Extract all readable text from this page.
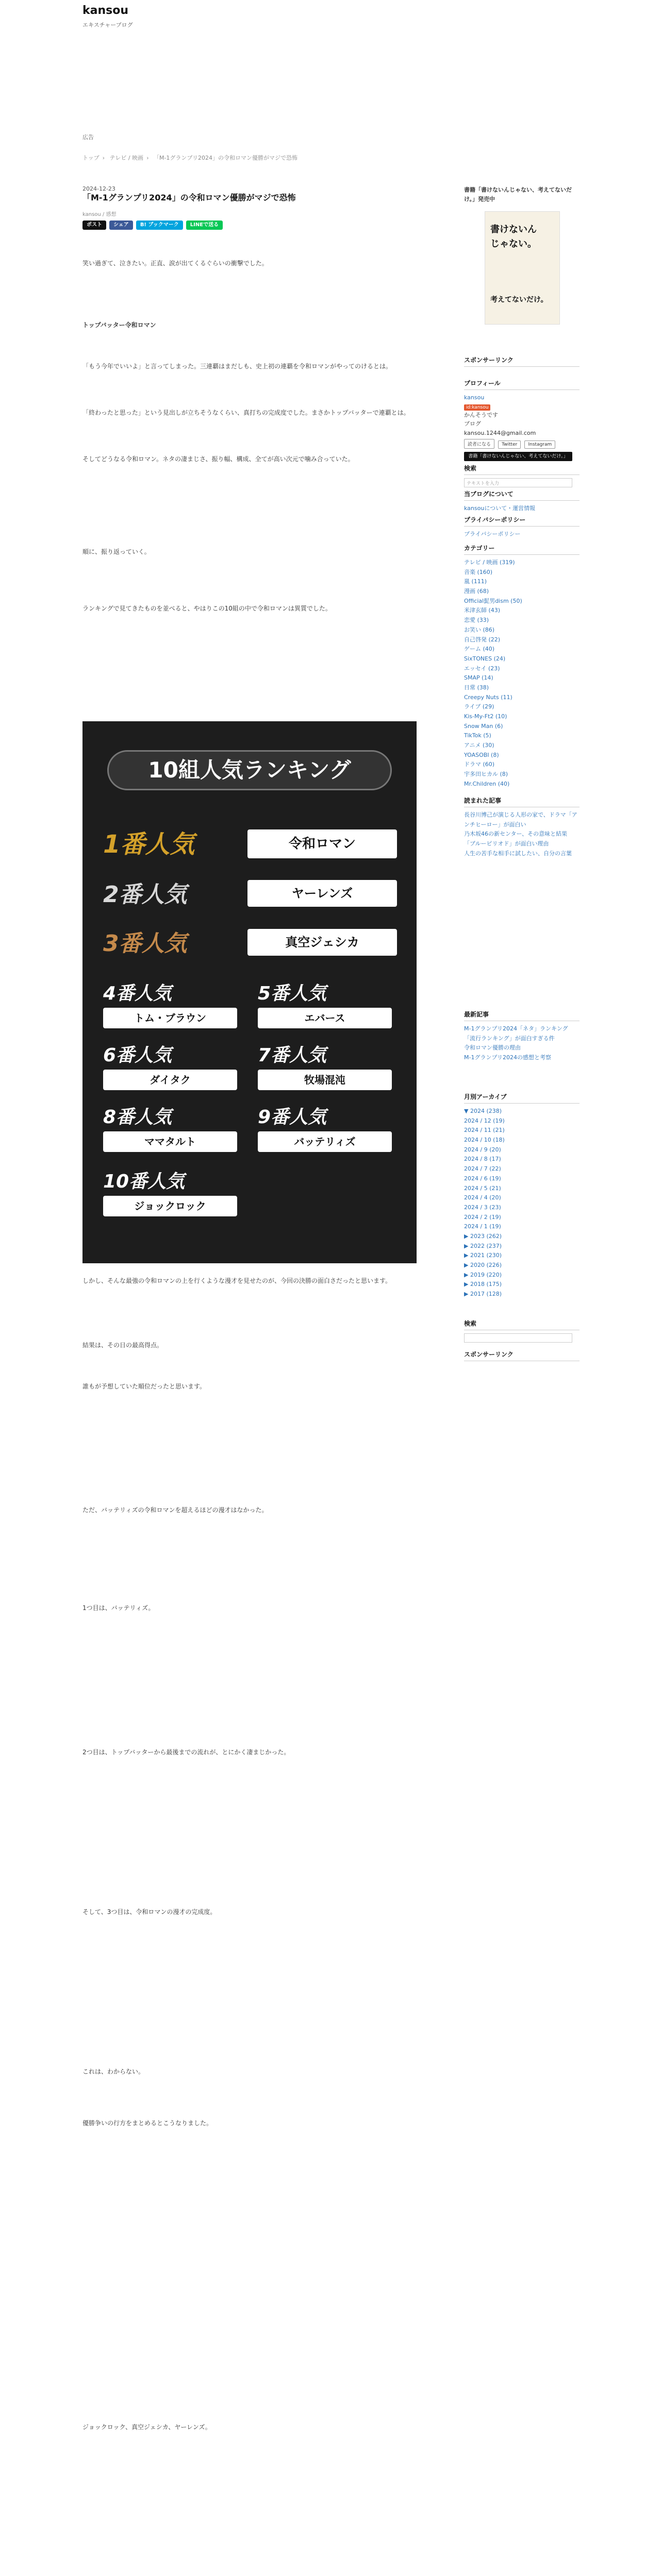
kansou
エキスチャーブログ
広告
トップ › テレビ / 映画 › 「M-1グランプリ2024」の令和ロマン優勝がマジで恐怖
2024-12-23
「M-1グランプリ2024」の令和ロマン優勝がマジで恐怖
kansou / 感想
ポスト	シェア	B! ブックマーク	LINEで送る
笑い過ぎて、泣きたい。正直、涙が出てくるぐらいの衝撃でした。
トップバッター令和ロマン
「もう今年でいいよ」と言ってしまった。三連覇はまだしも、史上初の連覇を令和ロマンがやってのけるとは。
「終わったと思った」という見出しが立ちそうなくらい、真打ちの完成度でした。まさかトップバッターで連覇とは。
そしてどうなる令和ロマン。ネタの凄まじさ、振り幅、構成、全てが高い次元で噛み合っていた。
順に、振り返っていく。
ランキングで見てきたものを並べると、やはりこの10組の中で令和ロマンは異質でした。
10組人気ランキング
1番人気	令和ロマン
2番人気	ヤーレンズ
3番人気	真空ジェシカ
4番人気
トム・ブラウン
5番人気
エバース
6番人気
ダイタク
7番人気
牧場混沌
8番人気
ママタルト
9番人気
バッテリィズ
10番人気
ジョックロック
しかし、そんな最強の令和ロマンの上を行くような漫才を見せたのが、今回の決勝の面白さだったと思います。
結果は、その日の最高得点。
誰もが予想していた順位だったと思います。
ただ、バッテリィズの令和ロマンを超えるほどの漫才はなかった。
1つ目は、バッテリィズ。
2つ目は、トップバッターから最後までの流れが、とにかく凄まじかった。
そして、3つ目は、令和ロマンの漫才の完成度。
これは、わからない。
優勝争いの行方をまとめるとこうなりました。
ジョックロック、真空ジェシカ、ヤーレンズ。
書籍「書けないんじゃない、考えてないだけ。」発売中
書けないん
じゃない。
考えてないだけ。
スポンサーリンク
プロフィール
kansou
id:kansou
かんそうです
ブログ
kansou.1244@gmail.com
読者になる Twitter Instagram
書籍「書けないんじゃない、考えてないだけ。」
検索
テキストを入力
当ブログについて
kansouについて・運営情報
プライバシーポリシー
プライバシーポリシー
カテゴリー
テレビ / 映画 (319)
音楽 (160)
嵐 (111)
漫画 (68)
Official髭男dism (50)
米津玄師 (43)
恋愛 (33)
お笑い (86)
自己啓発 (22)
ゲーム (40)
SixTONES (24)
エッセイ (23)
SMAP (14)
日常 (38)
Creepy Nuts (11)
ライブ (29)
Kis-My-Ft2 (10)
Snow Man (6)
TikTok (5)
アニメ (30)
YOASOBI (8)
ドラマ (60)
宇多田ヒカル (8)
Mr.Children (40)
読まれた記事
長谷川博己が演じる人形の家で、ドラマ「アンチヒーロー」が面白い
乃木坂46の新センター、その意味と結果
「ブルーピリオド」が面白い理由
人生の苦手な相手に試したい、自分の言葉
最新記事
M-1グランプリ2024「ネタ」ランキング
「流行ランキング」が面白すぎる件
令和ロマン優勝の理由
M-1グランプリ2024の感想と考察
月別アーカイブ
▼ 2024 (238)
2024 / 12 (19)
2024 / 11 (21)
2024 / 10 (18)
2024 / 9 (20)
2024 / 8 (17)
2024 / 7 (22)
2024 / 6 (19)
2024 / 5 (21)
2024 / 4 (20)
2024 / 3 (23)
2024 / 2 (19)
2024 / 1 (19)
▶ 2023 (262)
▶ 2022 (237)
▶ 2021 (230)
▶ 2020 (226)
▶ 2019 (220)
▶ 2018 (175)
▶ 2017 (128)
検索
スポンサーリンク
